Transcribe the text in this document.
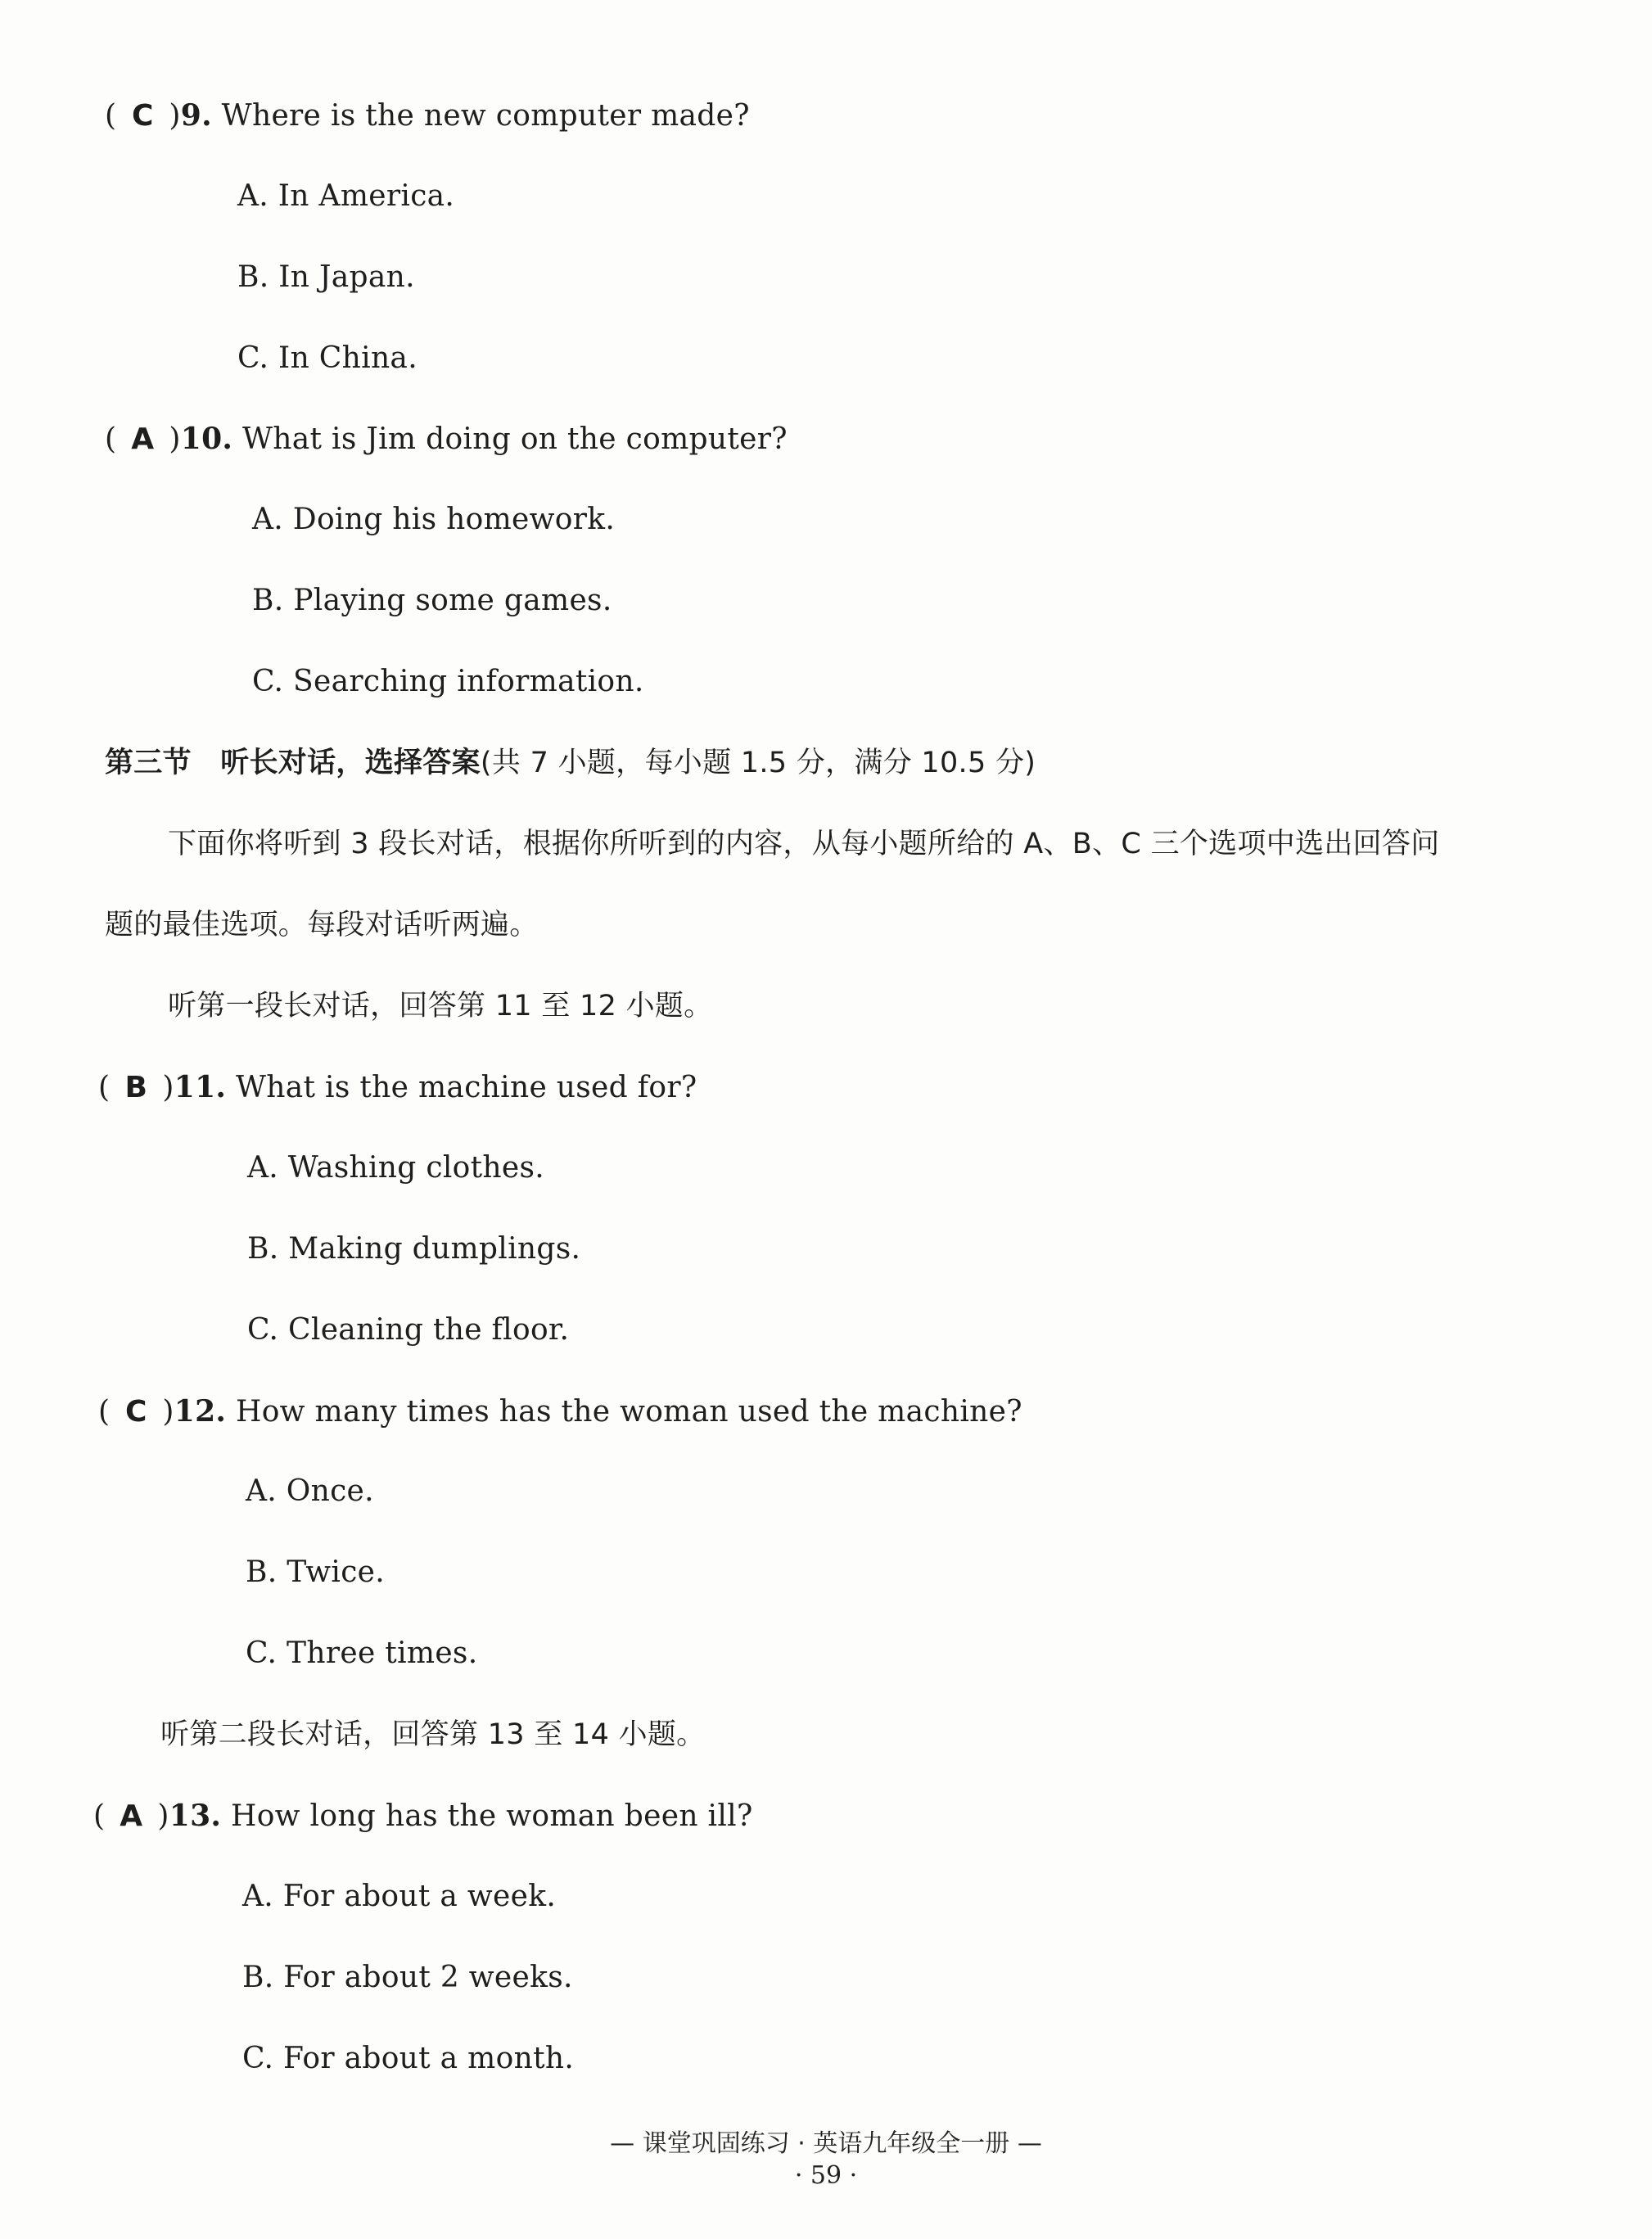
( C )9. Where is the new computer made?
A. In America.
B. In Japan.
C. In China.
( A )10. What is Jim doing on the computer?
A. Doing his homework.
B. Playing some games.
C. Searching information.
第三节　听长对话，选择答案(共 7 小题，每小题 1.5 分，满分 10.5 分)
下面你将听到 3 段长对话，根据你所听到的内容，从每小题所给的 A、B、C 三个选项中选出回答问
题的最佳选项。每段对话听两遍。
听第一段长对话，回答第 11 至 12 小题。
( B )11. What is the machine used for?
A. Washing clothes.
B. Making dumplings.
C. Cleaning the floor.
( C )12. How many times has the woman used the machine?
A. Once.
B. Twice.
C. Three times.
听第二段长对话，回答第 13 至 14 小题。
( A )13. How long has the woman been ill?
A. For about a week.
B. For about 2 weeks.
C. For about a month.
— 课堂巩固练习 · 英语九年级全一册 —
· 59 ·
